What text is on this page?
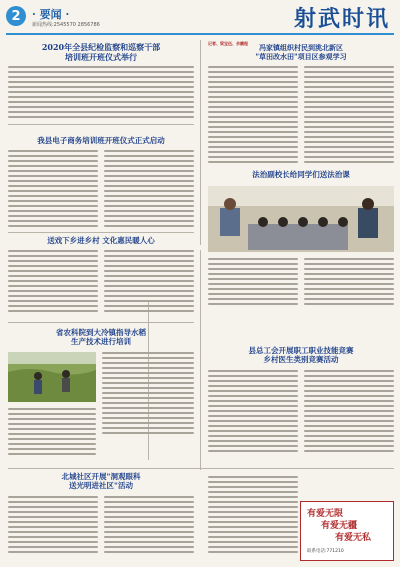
2	· 要闻 ·
新闻热线:2545570 2856786	射武时讯
2020年全县纪检监察和巡察干部
培训班开班仪式举行
记者、梁宝伍、佘鹏程	冯家镇组织村民到洮北新区
"草田改水田"项目区参观学习
我县电子商务培训班开班仪式正式启动
法治副校长给同学们送法治课
送戏下乡进乡村 文化惠民暖人心
省农科院到大冷镇指导水稻
生产技术进行培训
县总工会开展职工职业技能竞赛
乡村医生类别竞赛活动
北城社区开展"洞观眼科
送光明进社区"活动
有爱无限
有爱无疆
有爱无私
联系电话:771210
